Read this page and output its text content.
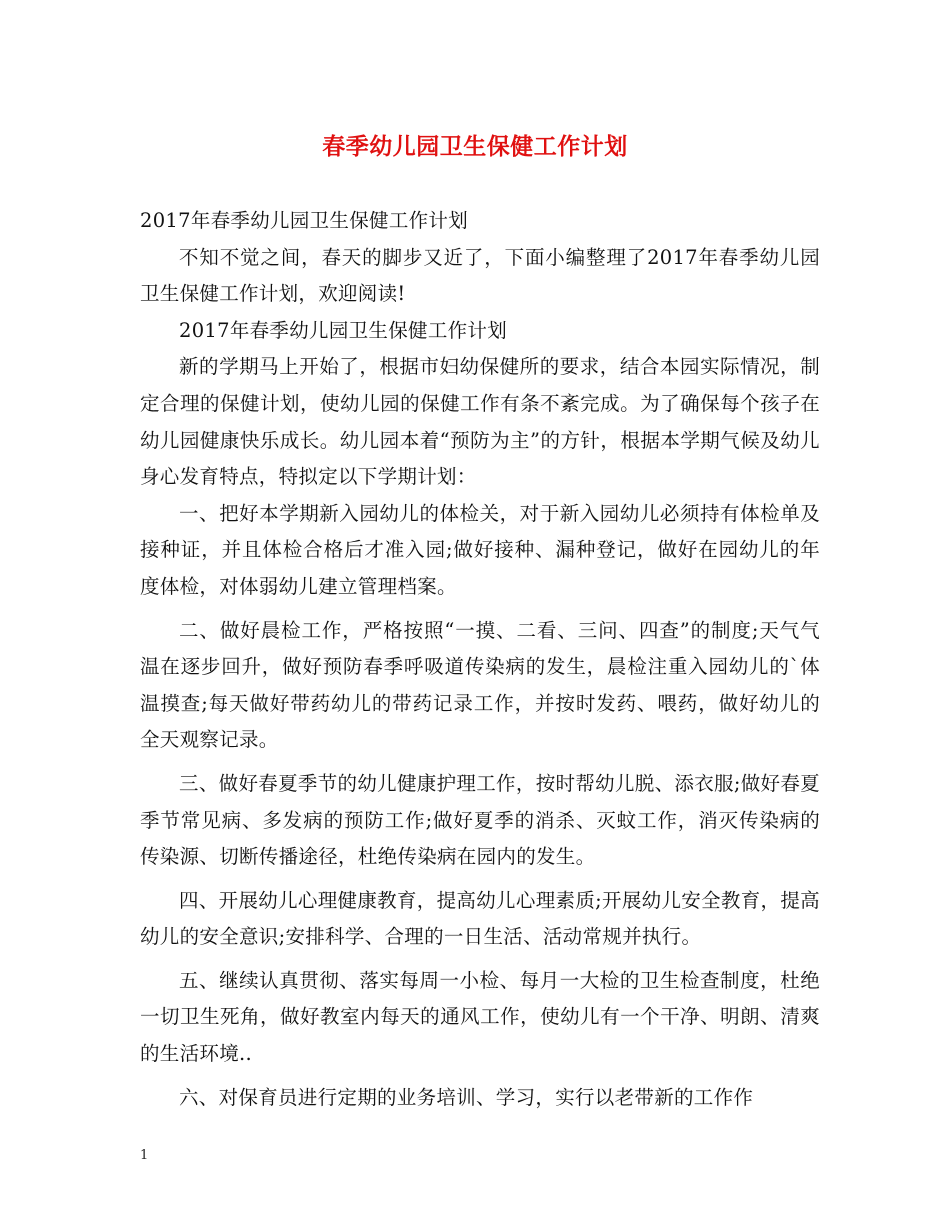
春季幼儿园卫生保健工作计划

2017年春季幼儿园卫生保健工作计划

不知不觉之间，春天的脚步又近了，下面小编整理了2017年春季幼儿园卫生保健工作计划，欢迎阅读!

2017年春季幼儿园卫生保健工作计划

新的学期马上开始了，根据市妇幼保健所的要求，结合本园实际情况，制定合理的保健计划，使幼儿园的保健工作有条不紊完成。为了确保每个孩子在幼儿园健康快乐成长。幼儿园本着“预防为主”的方针，根据本学期气候及幼儿身心发育特点，特拟定以下学期计划：

一、把好本学期新入园幼儿的体检关，对于新入园幼儿必须持有体检单及接种证，并且体检合格后才准入园;做好接种、漏种登记，做好在园幼儿的年度体检，对体弱幼儿建立管理档案。

二、做好晨检工作，严格按照“一摸、二看、三问、四查”的制度;天气气温在逐步回升，做好预防春季呼吸道传染病的发生，晨检注重入园幼儿的`体温摸查;每天做好带药幼儿的带药记录工作，并按时发药、喂药，做好幼儿的全天观察记录。

三、做好春夏季节的幼儿健康护理工作，按时帮幼儿脱、添衣服;做好春夏季节常见病、多发病的预防工作;做好夏季的消杀、灭蚊工作，消灭传染病的传染源、切断传播途径，杜绝传染病在园内的发生。

四、开展幼儿心理健康教育，提高幼儿心理素质;开展幼儿安全教育，提高幼儿的安全意识;安排科学、合理的一日生活、活动常规并执行。

五、继续认真贯彻、落实每周一小检、每月一大检的卫生检查制度，杜绝一切卫生死角，做好教室内每天的通风工作，使幼儿有一个干净、明朗、清爽的生活环境..

六、对保育员进行定期的业务培训、学习，实行以老带新的工作作

1
